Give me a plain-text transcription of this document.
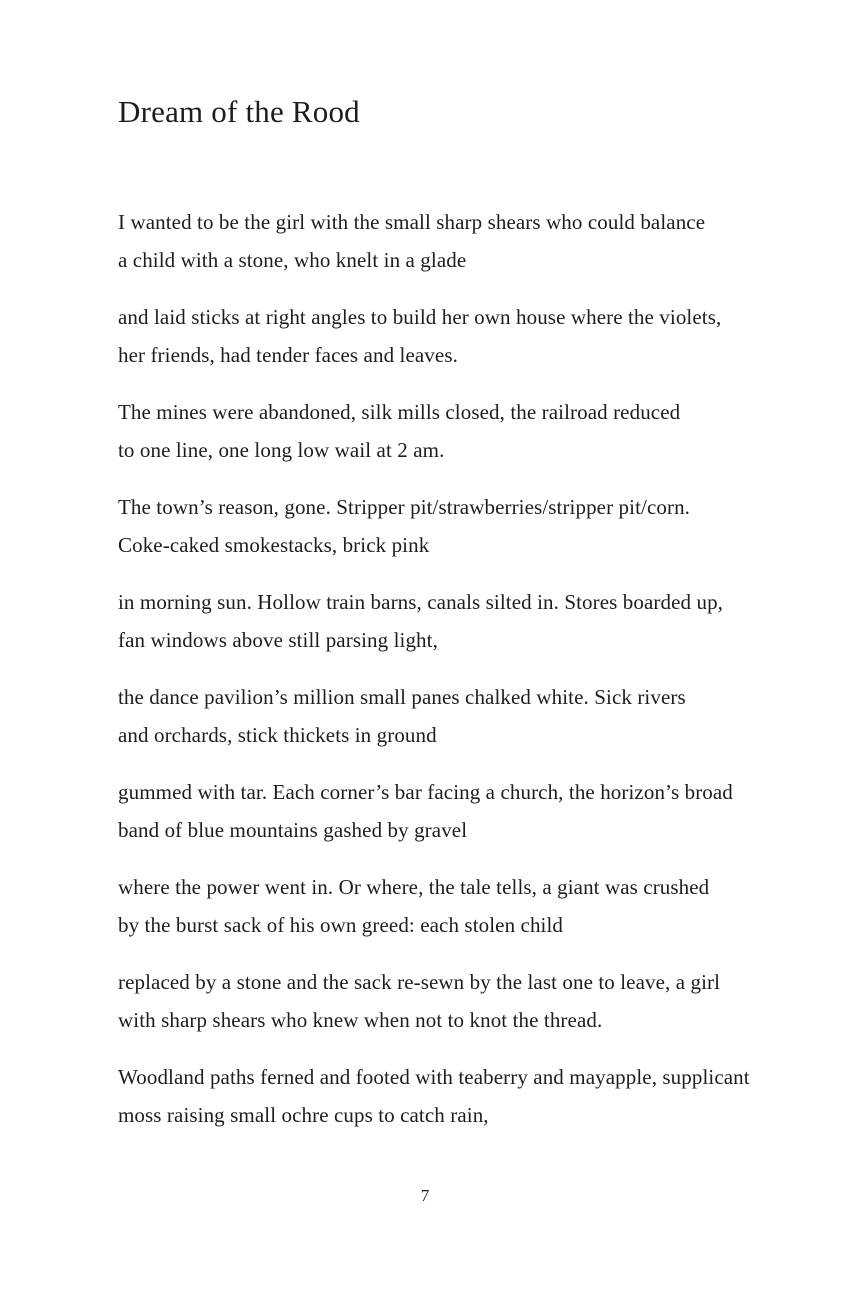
Dream of the Rood
I wanted to be the girl with the small sharp shears who could balance
a child with a stone, who knelt in a glade
and laid sticks at right angles to build her own house where the violets,
her friends, had tender faces and leaves.
The mines were abandoned, silk mills closed, the railroad reduced
to one line, one long low wail at 2 am.
The town’s reason, gone. Stripper pit/strawberries/stripper pit/corn.
Coke-caked smokestacks, brick pink
in morning sun. Hollow train barns, canals silted in. Stores boarded up,
fan windows above still parsing light,
the dance pavilion’s million small panes chalked white. Sick rivers
and orchards, stick thickets in ground
gummed with tar. Each corner’s bar facing a church, the horizon’s broad
band of blue mountains gashed by gravel
where the power went in. Or where, the tale tells, a giant was crushed
by the burst sack of his own greed: each stolen child
replaced by a stone and the sack re-sewn by the last one to leave, a girl
with sharp shears who knew when not to knot the thread.
Woodland paths ferned and footed with teaberry and mayapple, supplicant
moss raising small ochre cups to catch rain,
7
